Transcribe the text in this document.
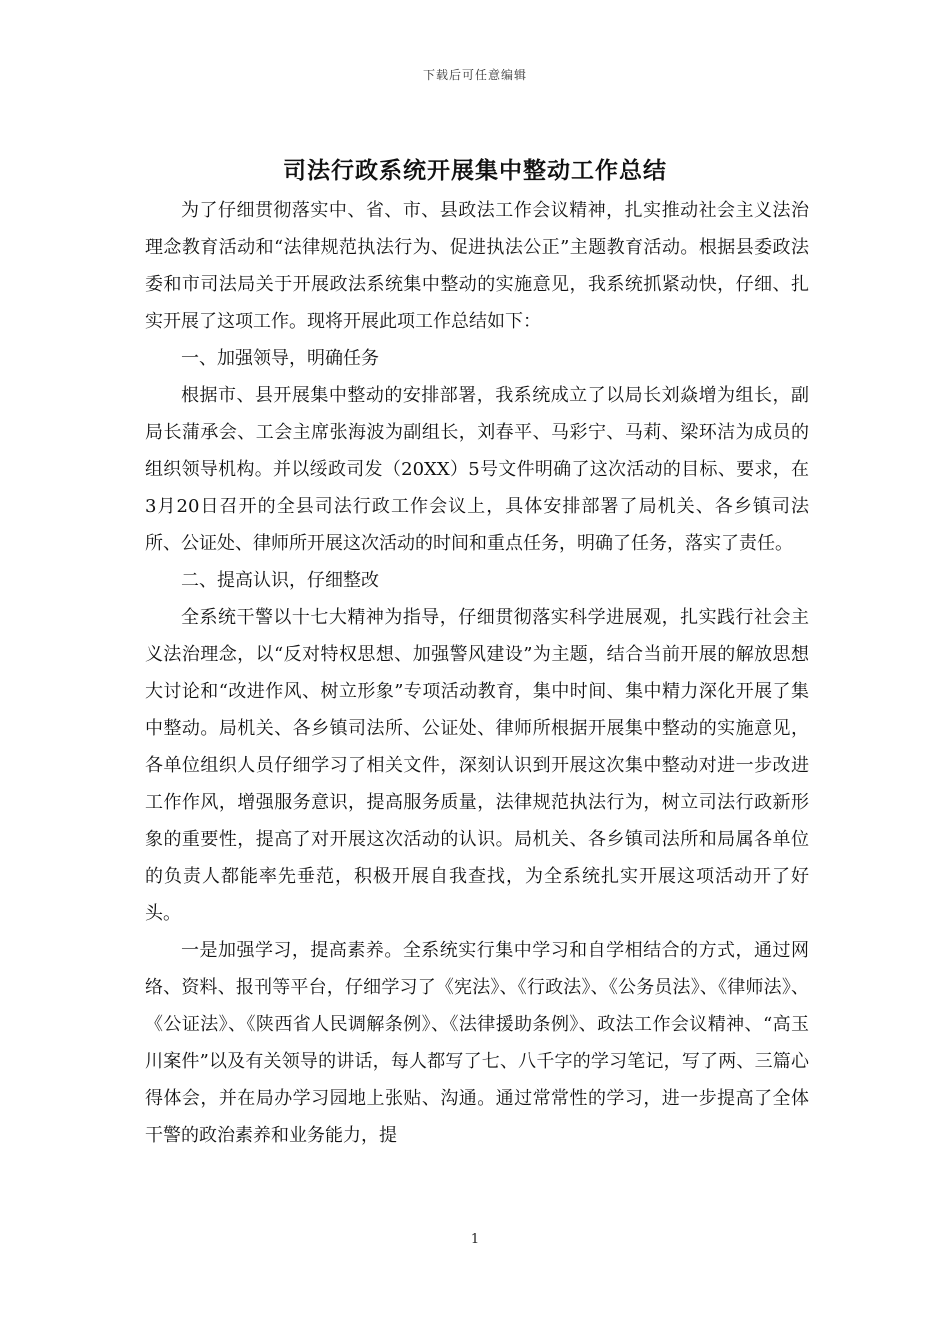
下载后可任意编辑
司法行政系统开展集中整动工作总结

为了仔细贯彻落实中、省、市、县政法工作会议精神，扎实推动社会主义法治理念教育活动和“法律规范执法行为、促进执法公正”主题教育活动。根据县委政法委和市司法局关于开展政法系统集中整动的实施意见，我系统抓紧动快，仔细、扎实开展了这项工作。现将开展此项工作总结如下：

一、加强领导，明确任务

根据市、县开展集中整动的安排部署，我系统成立了以局长刘焱增为组长，副局长蒲承会、工会主席张海波为副组长，刘春平、马彩宁、马莉、梁环洁为成员的组织领导机构。并以绥政司发（20XX）5号文件明确了这次活动的目标、要求，在3月20日召开的全县司法行政工作会议上，具体安排部署了局机关、各乡镇司法所、公证处、律师所开展这次活动的时间和重点任务，明确了任务，落实了责任。

二、提高认识，仔细整改

全系统干警以十七大精神为指导，仔细贯彻落实科学进展观，扎实践行社会主义法治理念，以“反对特权思想、加强警风建设”为主题，结合当前开展的解放思想大讨论和“改进作风、树立形象”专项活动教育，集中时间、集中精力深化开展了集中整动。局机关、各乡镇司法所、公证处、律师所根据开展集中整动的实施意见，各单位组织人员仔细学习了相关文件，深刻认识到开展这次集中整动对进一步改进工作作风，增强服务意识，提高服务质量，法律规范执法行为，树立司法行政新形象的重要性，提高了对开展这次活动的认识。局机关、各乡镇司法所和局属各单位的负责人都能率先垂范，积极开展自我查找，为全系统扎实开展这项活动开了好头。

一是加强学习，提高素养。全系统实行集中学习和自学相结合的方式，通过网络、资料、报刊等平台，仔细学习了《宪法》、《行政法》、《公务员法》、《律师法》、《公证法》、《陕西省人民调解条例》、《法律援助条例》、政法工作会议精神、“高玉川案件”以及有关领导的讲话，每人都写了七、八千字的学习笔记，写了两、三篇心得体会，并在局办学习园地上张贴、沟通。通过常常性的学习，进一步提高了全体干警的政治素养和业务能力，提

1
